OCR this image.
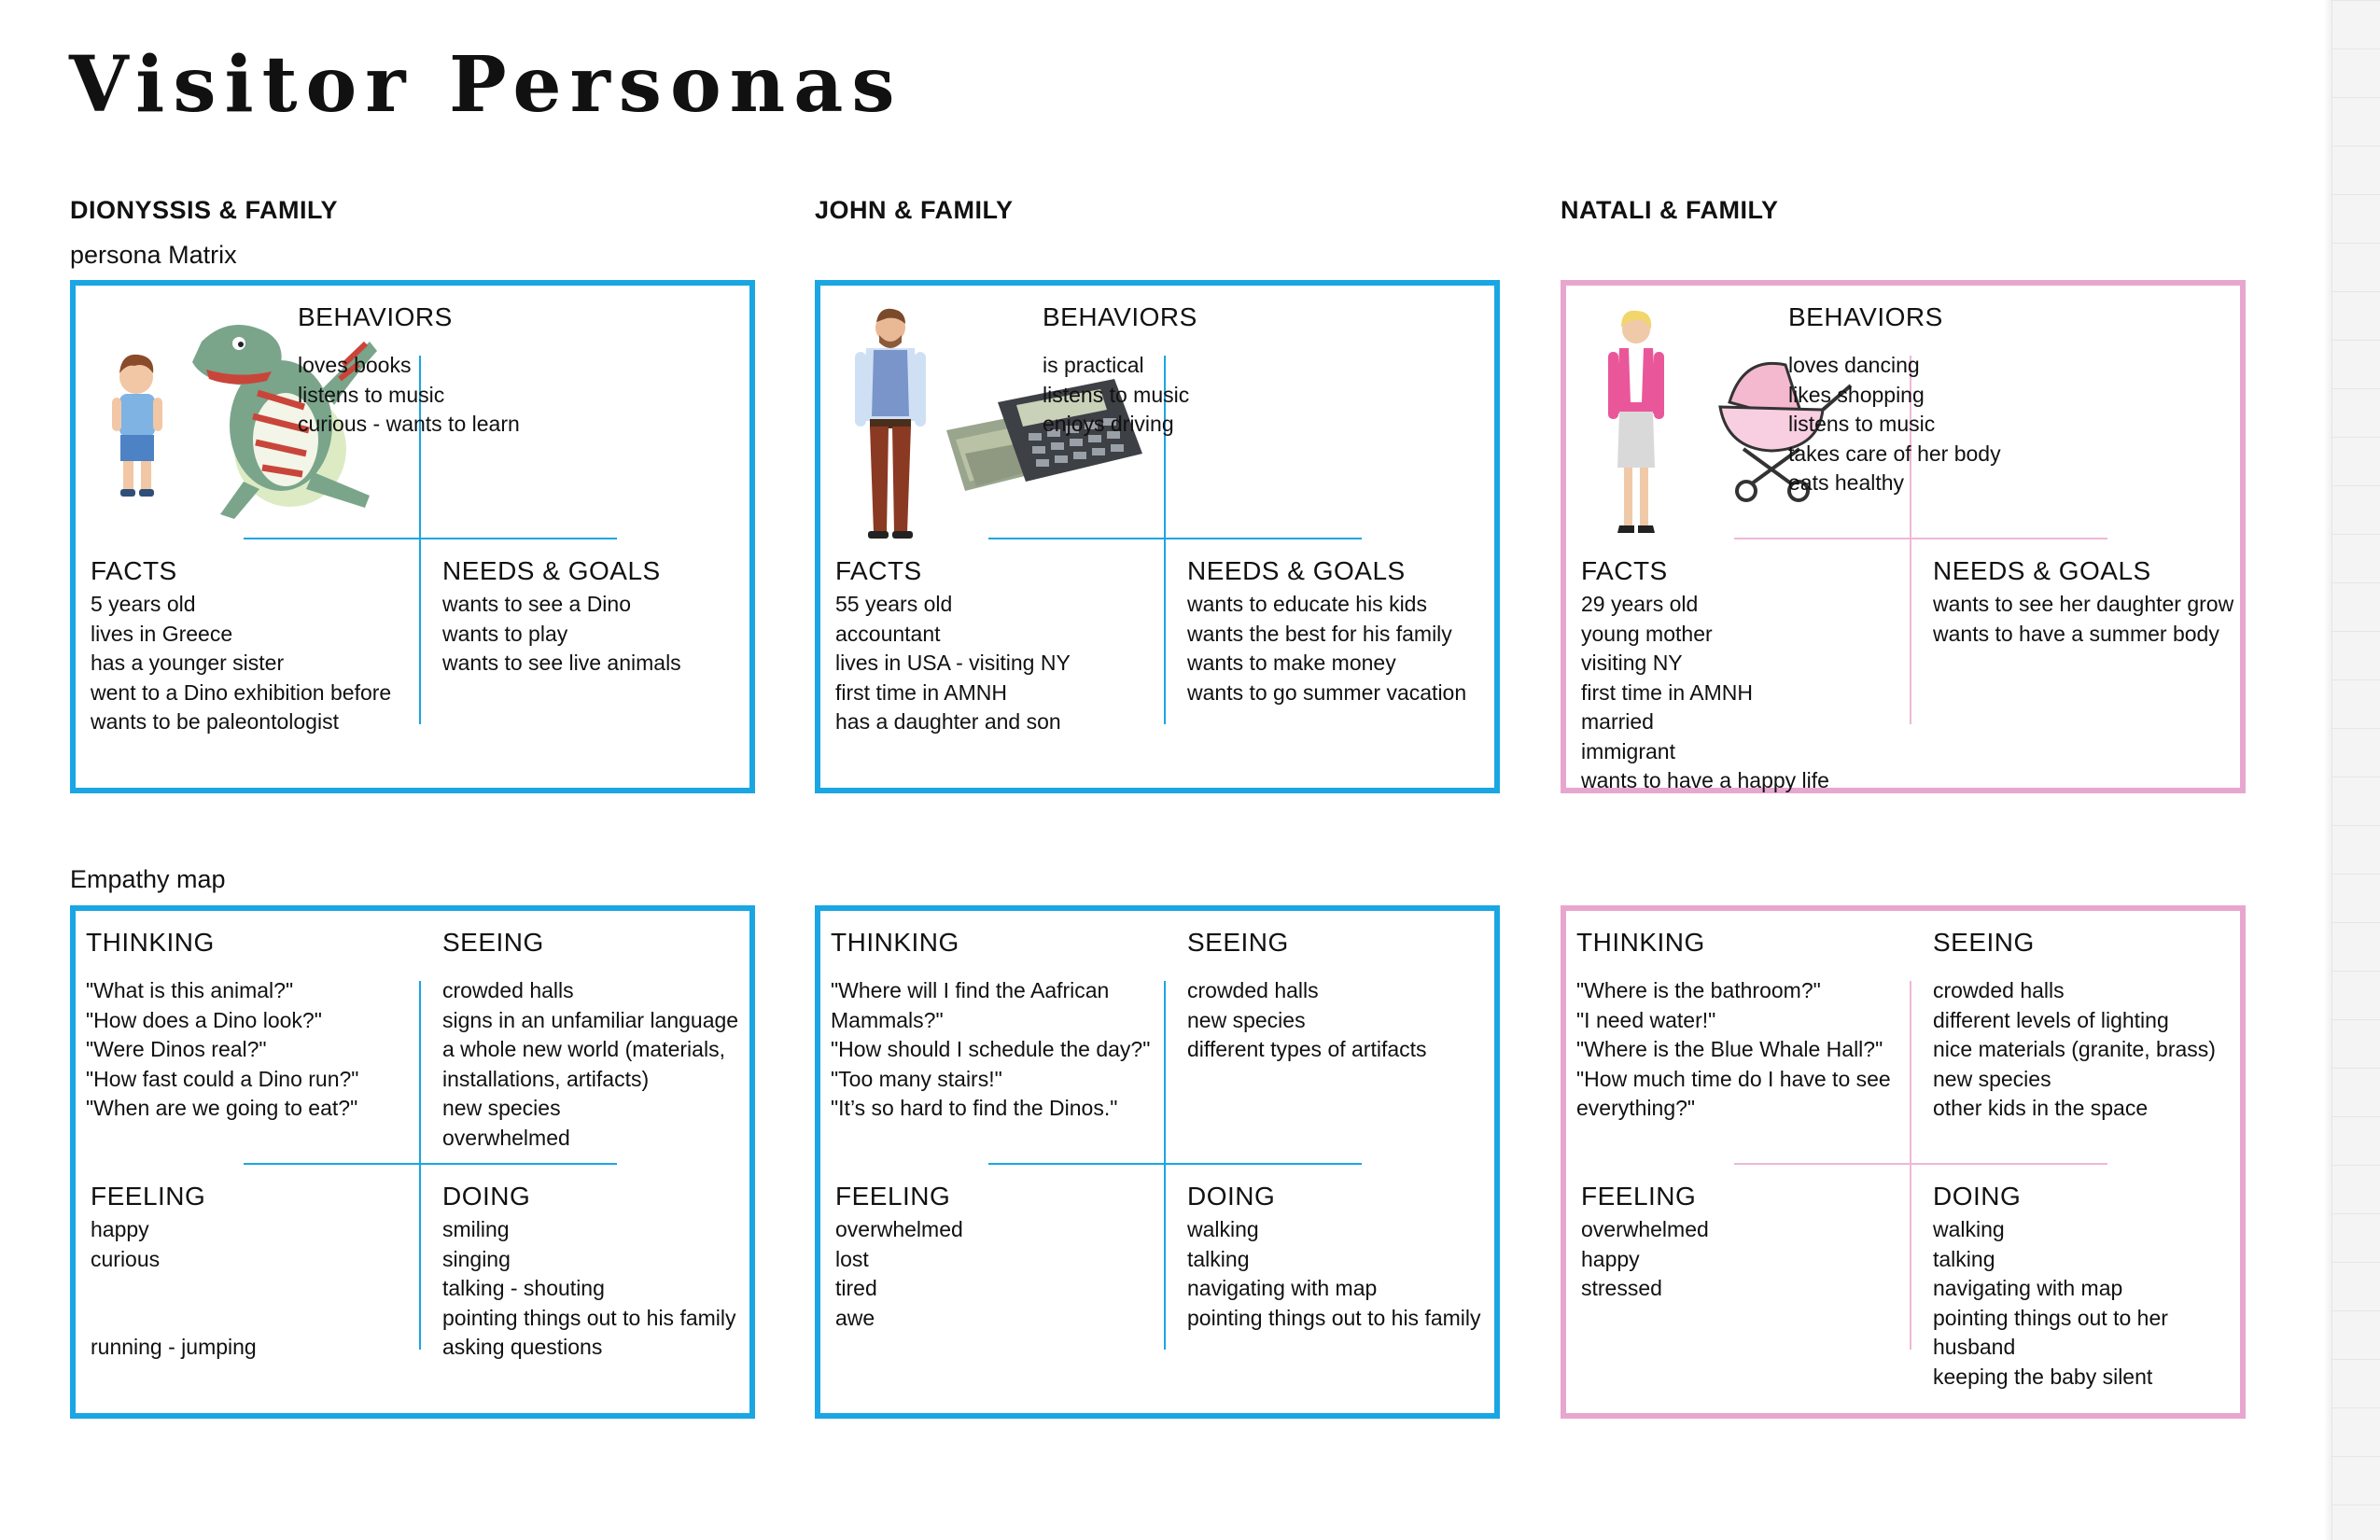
Visitor Personas
DIONYSSIS & FAMILY	JOHN & FAMILY	NATALI & FAMILY
persona Matrix
Empathy map
BEHAVIORS
loves books
listens to music
curious - wants to learn
FACTS
5 years old
lives in Greece
has a younger sister
went to a Dino exhibition before
wants to be paleontologist
NEEDS & GOALS
wants to see a Dino
wants to play
wants to see live animals
BEHAVIORS
is practical
listens to music
enjoys driving
FACTS
55 years old
accountant
lives in USA - visiting NY
first time in AMNH
has a daughter and son
NEEDS & GOALS
wants to educate his kids
wants the best for his family
wants to make money
wants to go summer vacation
BEHAVIORS
loves dancing
likes shopping
listens to music
takes care of her body
eats healthy
FACTS
29 years old
young mother
visiting NY
first time in AMNH
married
immigrant
wants to have a happy life
NEEDS & GOALS
wants to see her daughter grow
wants to have a summer body
THINKING
"What is this animal?"
"How does a Dino look?"
"Were Dinos real?"
"How fast could a Dino run?"
"When are we going to eat?"
SEEING
crowded halls
signs in an unfamiliar language
a whole new world (materials,
installations, artifacts)
new species
overwhelmed
FEELING
happy
curious

running - jumping
DOING
smiling
singing
talking - shouting
pointing things out to his family
asking questions
THINKING
"Where will I find the Aafrican
Mammals?"
"How should I schedule the day?"
"Too many stairs!"
"It’s so hard to find the Dinos."
SEEING
crowded halls
new species
different types of artifacts
FEELING
overwhelmed
lost
tired
awe
DOING
walking
talking
navigating with map
pointing things out to his family
THINKING
"Where is the bathroom?"
"I need water!"
"Where is the Blue Whale Hall?"
"How much time do I have to see
everything?"
SEEING
crowded halls
different levels of lighting
nice materials (granite, brass)
new species
other kids in the space
FEELING
overwhelmed
happy
stressed
DOING
walking
talking
navigating with map
pointing things out to her
husband
keeping the baby silent
